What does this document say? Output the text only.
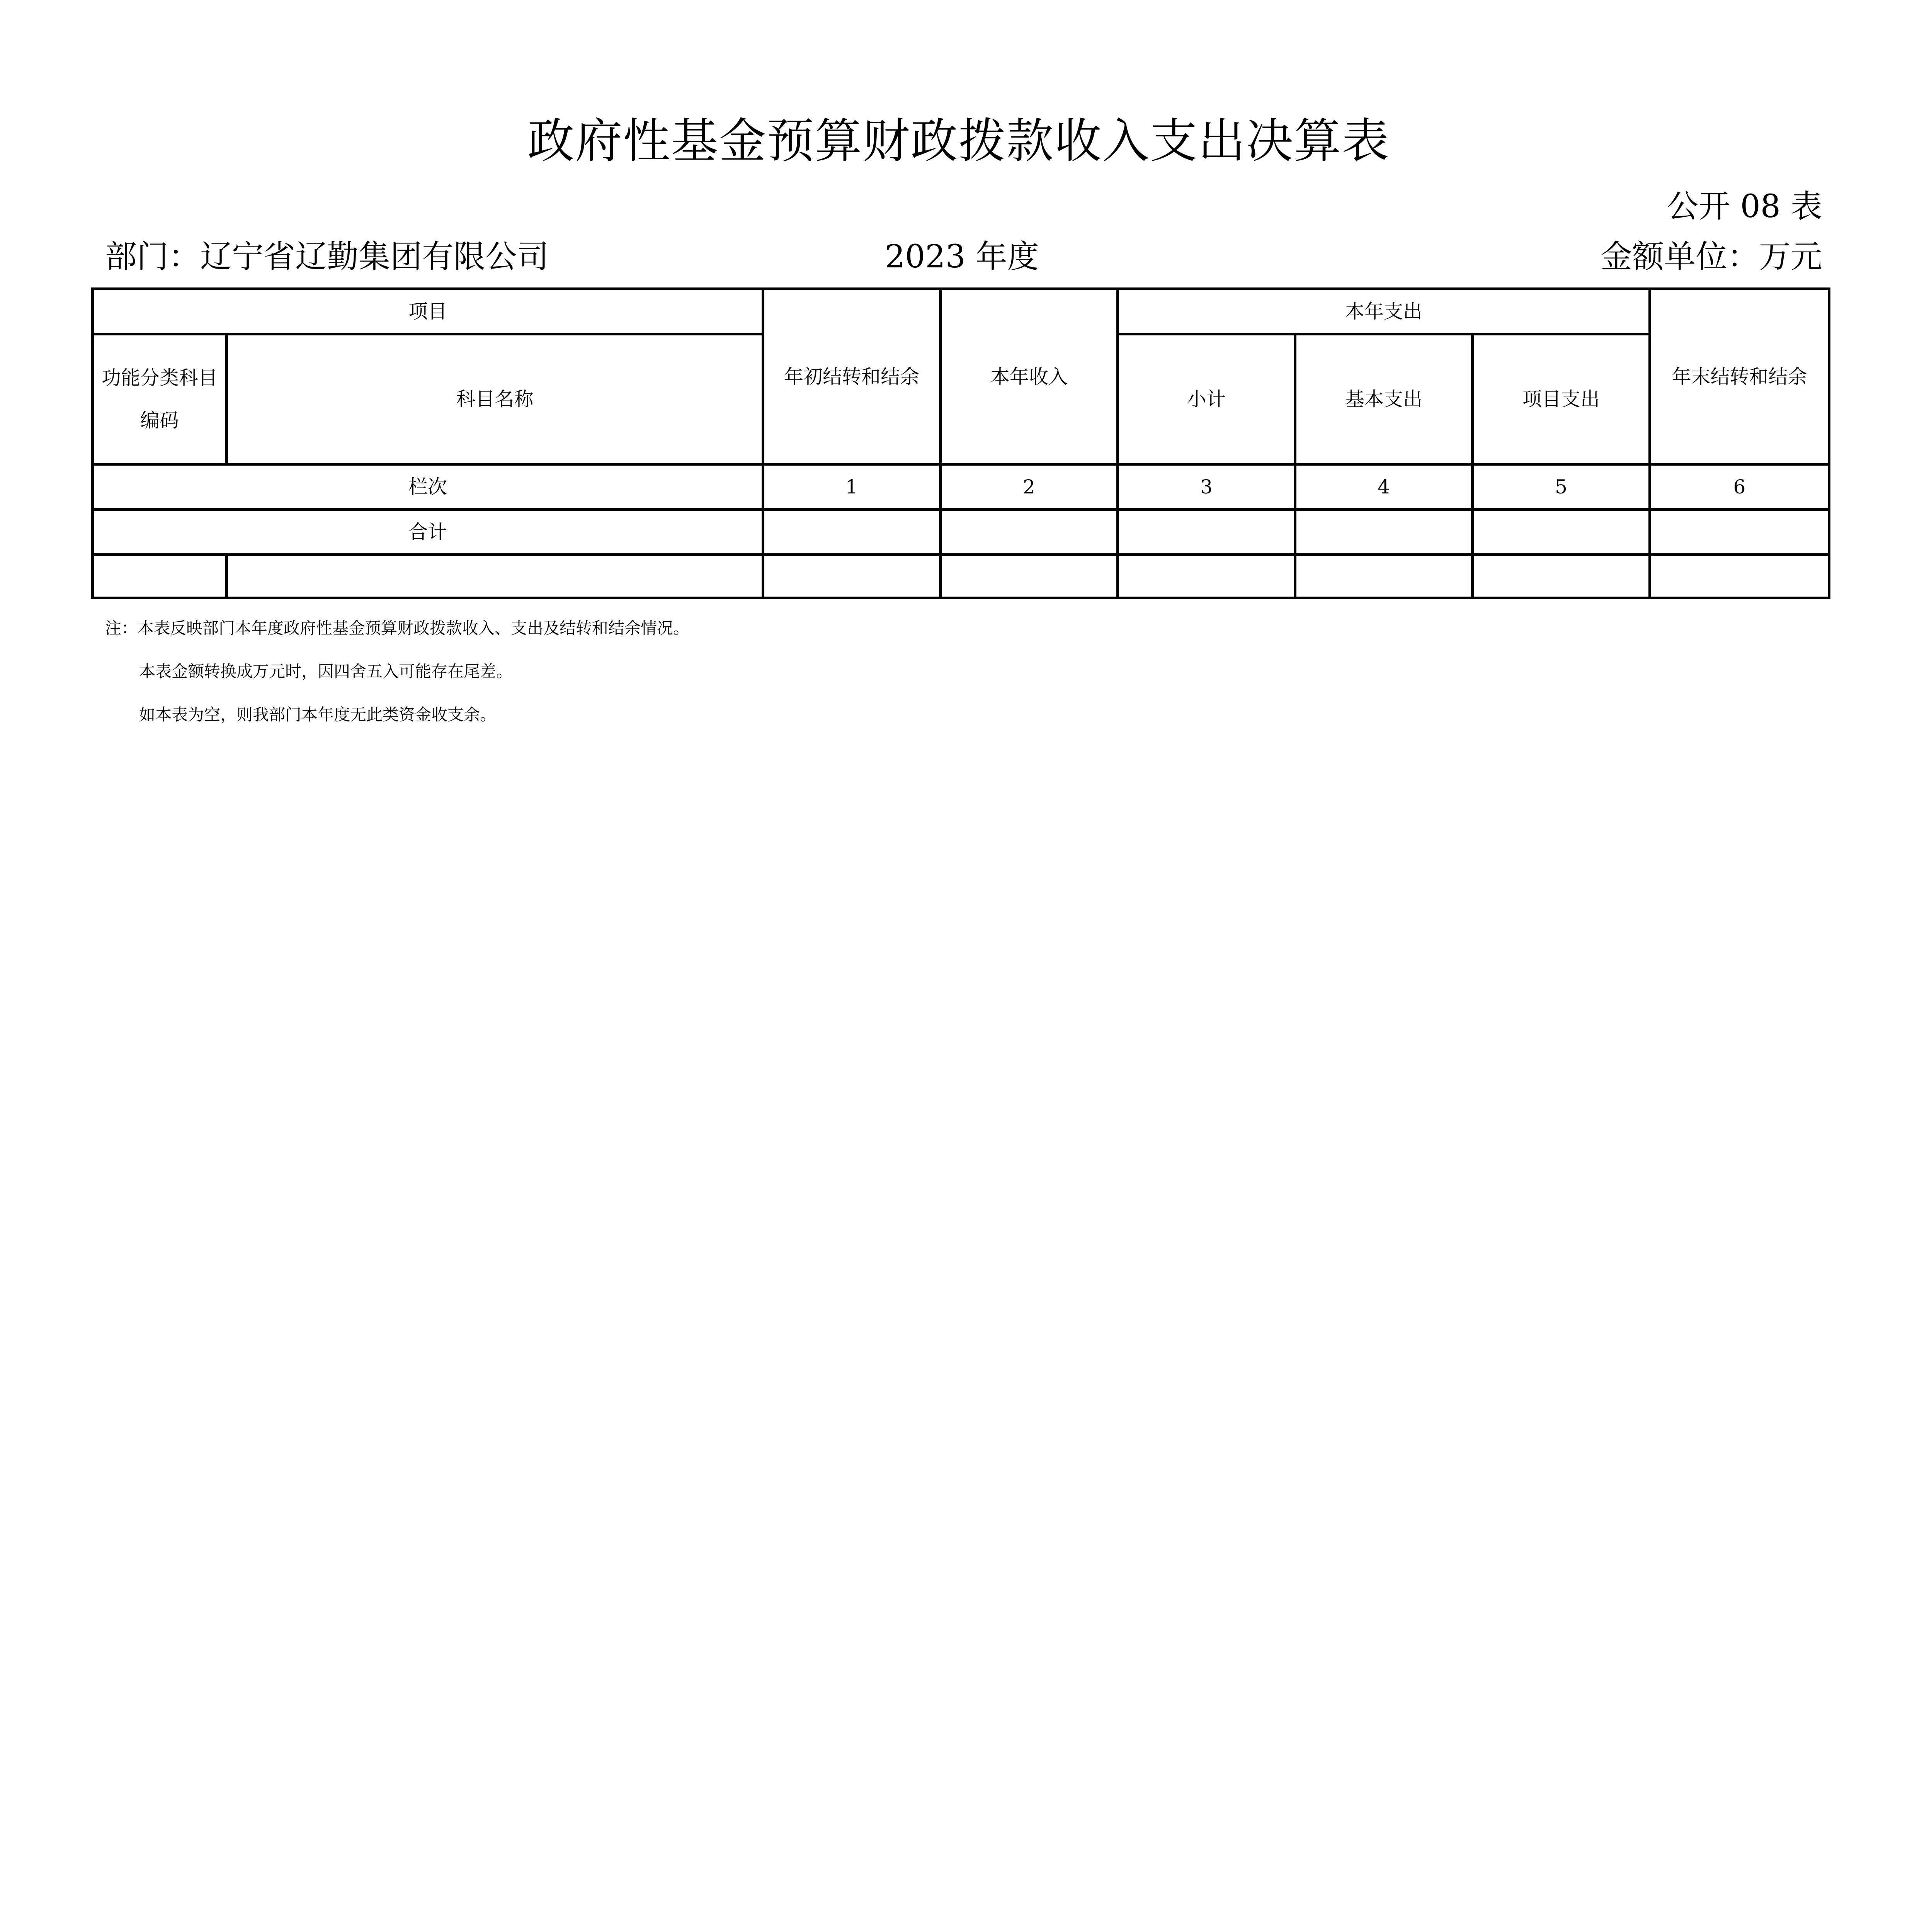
政府性基金预算财政拨款收入支出决算表
公开 08 表
部门：辽宁省辽勤集团有限公司	2023 年度	金额单位：万元
项目		年初结转和结余	本年收入	本年支出			年末结转和结余
功能分类科目编码	科目名称			小计	基本支出	项目支出	
栏次		1	2	3	4	5	6
合计							

注：本表反映部门本年度政府性基金预算财政拨款收入、支出及结转和结余情况。
本表金额转换成万元时，因四舍五入可能存在尾差。
如本表为空，则我部门本年度无此类资金收支余。
